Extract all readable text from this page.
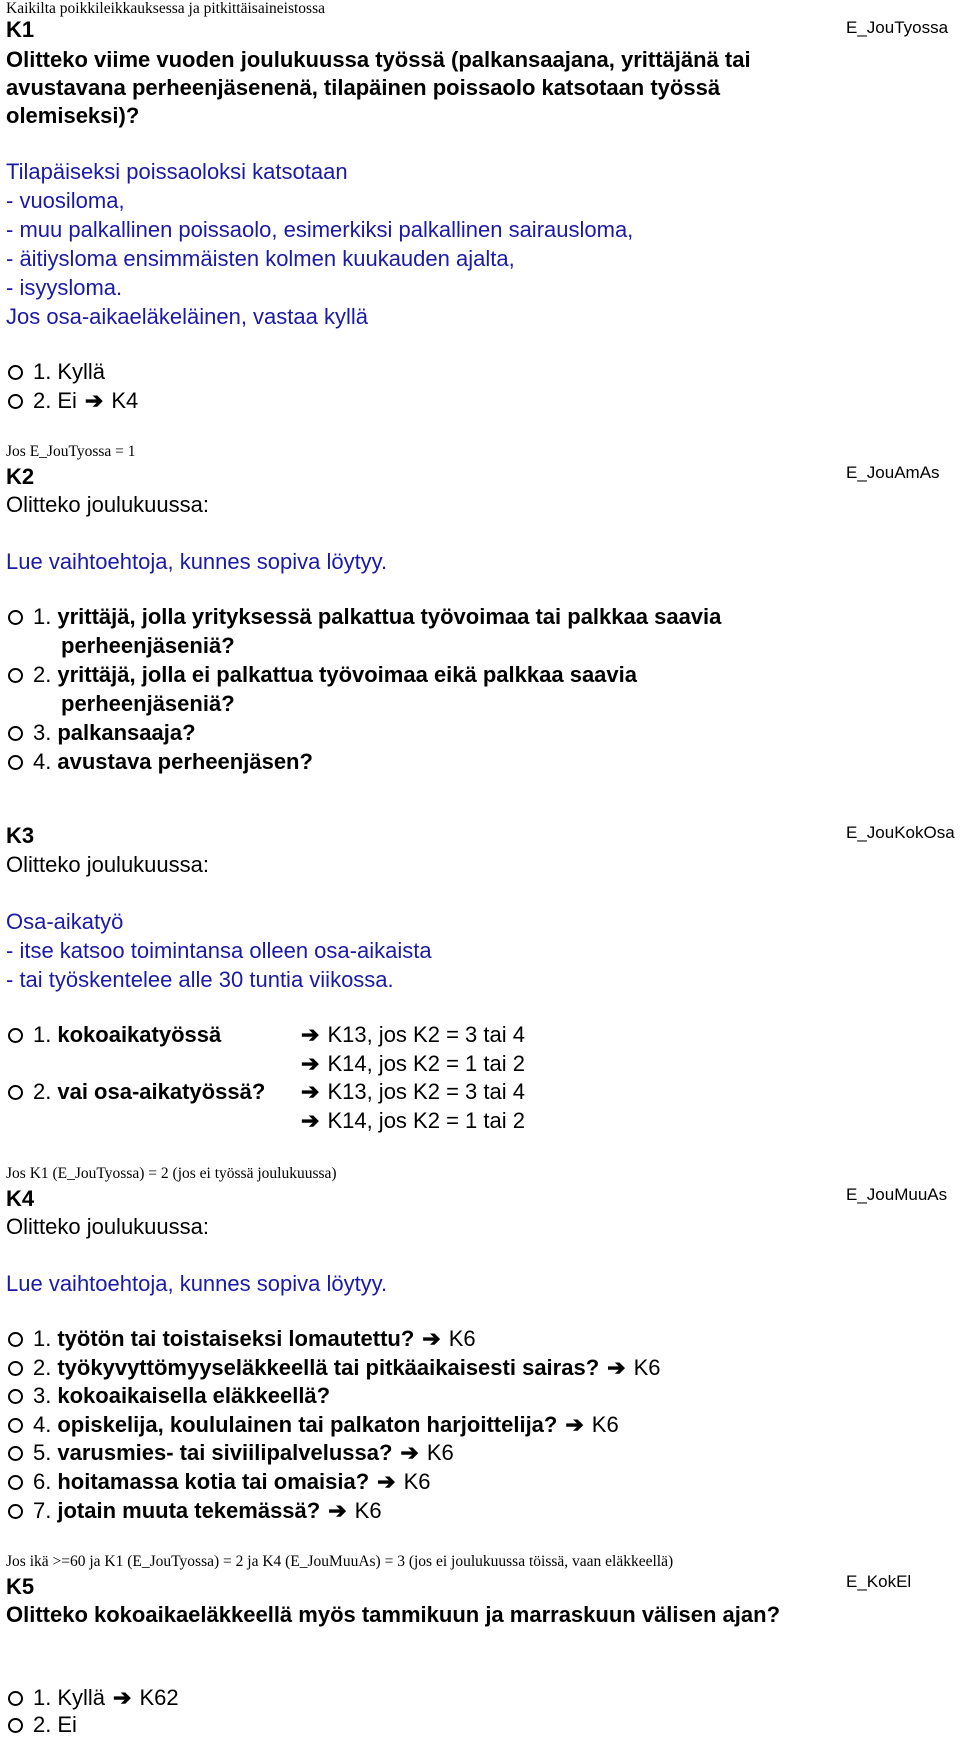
Kaikilta poikkileikkauksessa ja pitkittäisaineistossa
K1	E_JouTyossa
Olitteko viime vuoden joulukuussa työssä (palkansaajana, yrittäjänä tai avustavana perheenjäsenenä, tilapäinen poissaolo katsotaan työssä olemiseksi)?
Tilapäiseksi poissaoloksi katsotaan
- vuosiloma,
- muu palkallinen poissaolo, esimerkiksi palkallinen sairausloma,
- äitiysloma ensimmäisten kolmen kuukauden ajalta,
- isyysloma.
Jos osa-aikaeläkeläinen, vastaa kyllä
1. Kyllä
2. Ei ➔ K4
Jos E_JouTyossa = 1
K2	E_JouAmAs
Olitteko joulukuussa:
Lue vaihtoehtoja, kunnes sopiva löytyy.
1. yrittäjä, jolla yrityksessä palkattua työvoimaa tai palkkaa saavia
perheenjäseniä?
2. yrittäjä, jolla ei palkattua työvoimaa eikä palkkaa saavia
perheenjäseniä?
3. palkansaaja?
4. avustava perheenjäsen?
K3	E_JouKokOsa
Olitteko joulukuussa:
Osa-aikatyö
- itse katsoo toimintansa olleen osa-aikaista
- tai työskentelee alle 30 tuntia viikossa.
1. kokoaikatyössä	➔ K13, jos K2 = 3 tai 4
➔ K14, jos K2 = 1 tai 2
2. vai osa-aikatyössä? ➔ K13, jos K2 = 3 tai 4
➔ K14, jos K2 = 1 tai 2
Jos K1 (E_JouTyossa) = 2 (jos ei työssä joulukuussa)
K4	E_JouMuuAs
Olitteko joulukuussa:
Lue vaihtoehtoja, kunnes sopiva löytyy.
1. työtön tai toistaiseksi lomautettu? ➔ K6
2. työkyvyttömyyseläkkeellä tai pitkäaikaisesti sairas? ➔ K6
3. kokoaikaisella eläkkeellä?
4. opiskelija, koululainen tai palkaton harjoittelija? ➔ K6
5. varusmies- tai siviilipalvelussa? ➔ K6
6. hoitamassa kotia tai omaisia? ➔ K6
7. jotain muuta tekemässä? ➔ K6
Jos ikä >=60 ja K1 (E_JouTyossa) = 2 ja K4 (E_JouMuuAs) = 3 (jos ei joulukuussa töissä, vaan eläkkeellä)
K5	E_KokEl
Olitteko kokoaikaeläkkeellä myös tammikuun ja marraskuun välisen ajan?
1. Kyllä ➔ K62
2. Ei
